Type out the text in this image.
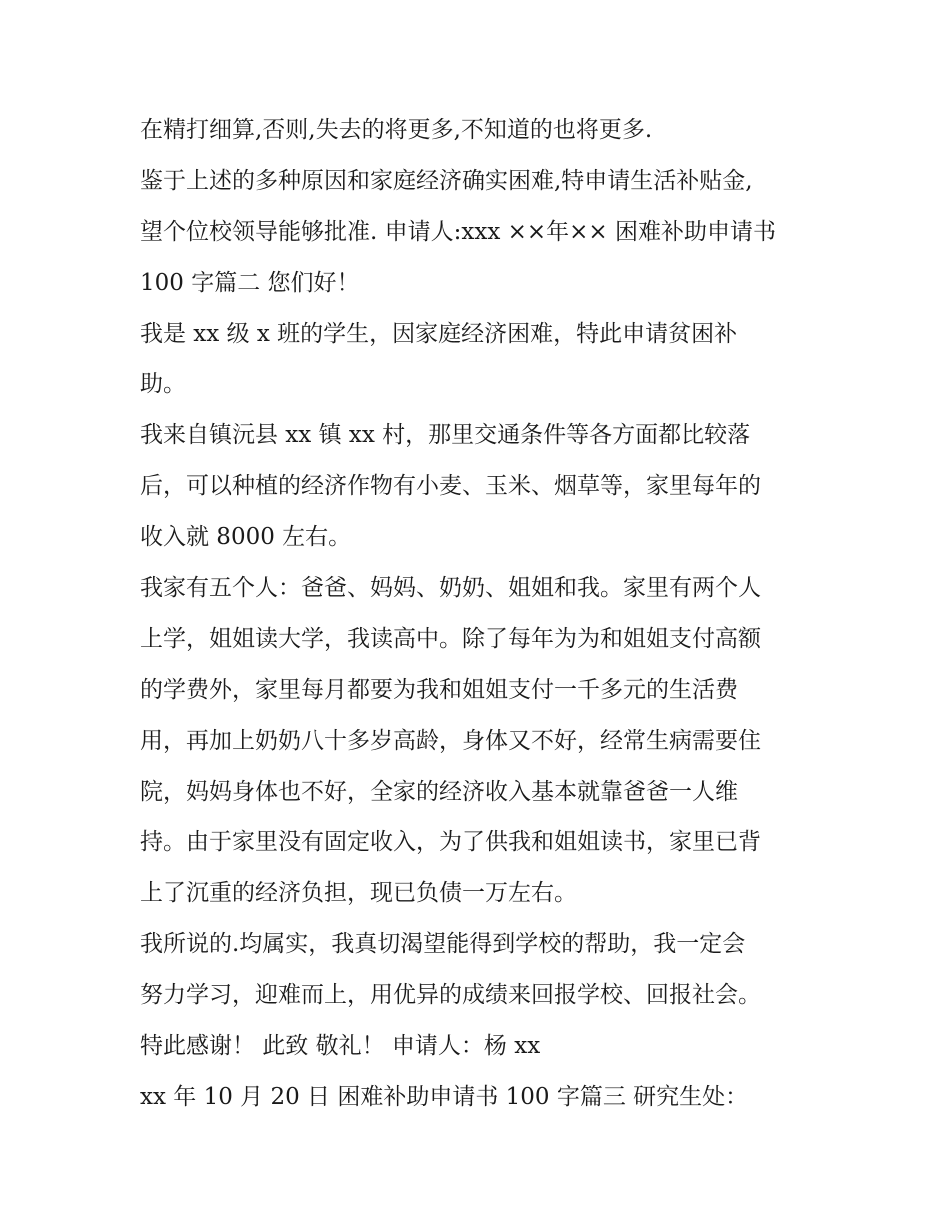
在精打细算,否则,失去的将更多,不知道的也将更多.
鉴于上述的多种原因和家庭经济确实困难,特申请生活补贴金,
望个位校领导能够批准. 申请人:xxx ××年×× 困难补助申请书
100 字篇二 您们好！
我是 xx 级 x 班的学生，因家庭经济困难，特此申请贫困补
助。
我来自镇沅县 xx 镇 xx 村，那里交通条件等各方面都比较落
后，可以种植的经济作物有小麦、玉米、烟草等，家里每年的
收入就 8000 左右。
我家有五个人：爸爸、妈妈、奶奶、姐姐和我。家里有两个人
上学，姐姐读大学，我读高中。除了每年为为和姐姐支付高额
的学费外，家里每月都要为我和姐姐支付一千多元的生活费
用，再加上奶奶八十多岁高龄，身体又不好，经常生病需要住
院，妈妈身体也不好，全家的经济收入基本就靠爸爸一人维
持。由于家里没有固定收入，为了供我和姐姐读书，家里已背
上了沉重的经济负担，现已负债一万左右。
我所说的.均属实，我真切渴望能得到学校的帮助，我一定会
努力学习，迎难而上，用优异的成绩来回报学校、回报社会。
特此感谢！ 此致 敬礼！ 申请人：杨 xx
xx 年 10 月 20 日 困难补助申请书 100 字篇三 研究生处：
